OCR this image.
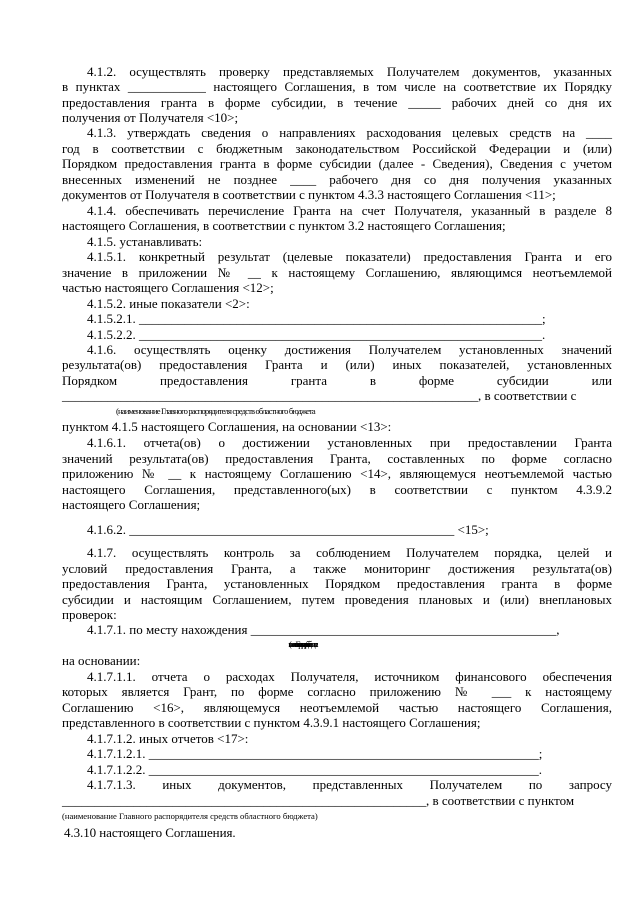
4.1.2. осуществлять проверку представляемых Получателем документов, указанных
в пунктах ____________ настоящего Соглашения, в том числе на соответствие их Порядку
предоставления гранта в форме субсидии, в течение _____ рабочих дней со дня их
получения от Получателя <10>;
4.1.3. утверждать сведения о направлениях расходования целевых средств на ____
год в соответствии с бюджетным законодательством Российской Федерации и (или)
Порядком предоставления гранта в форме субсидии (далее - Сведения), Сведения с учетом
внесенных изменений не позднее ____ рабочего дня со дня получения указанных
документов от Получателя в соответствии с пунктом 4.3.3 настоящего Соглашения <11>;
4.1.4. обеспечивать перечисление Гранта на счет Получателя, указанный в разделе 8
настоящего Соглашения, в соответствии с пунктом 3.2 настоящего Соглашения;
4.1.5. устанавливать:
4.1.5.1. конкретный результат (целевые показатели) предоставления Гранта и его
значение в приложении № __ к настоящему Соглашению, являющимся неотъемлемой
частью настоящего Соглашения <12>;
4.1.5.2. иные показатели <2>:
4.1.5.2.1. ______________________________________________________________;
4.1.5.2.2. ______________________________________________________________.
4.1.6. осуществлять оценку достижения Получателем установленных значений
результата(ов) предоставления Гранта и (или) иных показателей, установленных
Порядком предоставления гранта в форме субсидии или
________________________________________________________________, в соответствии с
(наименование Главного распорядителя средств областного бюджета
пунктом 4.1.5 настоящего Соглашения, на основании <13>:
4.1.6.1. отчета(ов) о достижении установленных при предоставлении Гранта
значений результата(ов) предоставления Гранта, составленных по форме согласно
приложению № __ к настоящему Соглашению <14>, являющемуся неотъемлемой частью
настоящего Соглашения, представленного(ых) в соответствии с пунктом 4.3.9.2
настоящего Соглашения;
4.1.6.2. __________________________________________________ <15>;
4.1.7. осуществлять контроль за соблюдением Получателем порядка, целей и
условий предоставления Гранта, а также мониторинг достижения результата(ов)
предоставления Гранта, установленных Порядком предоставления гранта в форме
субсидии и настоящим Соглашением, путем проведения плановых и (или) внеплановых
проверок:
4.1.7.1. по месту нахождения _______________________________________________,
(наименование Главного распорядителя средств областного бюджета
на основании:
4.1.7.1.1. отчета о расходах Получателя, источником финансового обеспечения
которых является Грант, по форме согласно приложению № ___ к настоящему
Соглашению <16>, являющемуся неотъемлемой частью настоящего Соглашения,
представленного в соответствии с пунктом 4.3.9.1 настоящего Соглашения;
4.1.7.1.2. иных отчетов <17>:
4.1.7.1.2.1. ____________________________________________________________;
4.1.7.1.2.2. ____________________________________________________________.
4.1.7.1.3. иных документов, представленных Получателем по запросу
________________________________________________________, в соответствии с пунктом
(наименование Главного распорядителя средств областного бюджета)
4.3.10 настоящего Соглашения.
